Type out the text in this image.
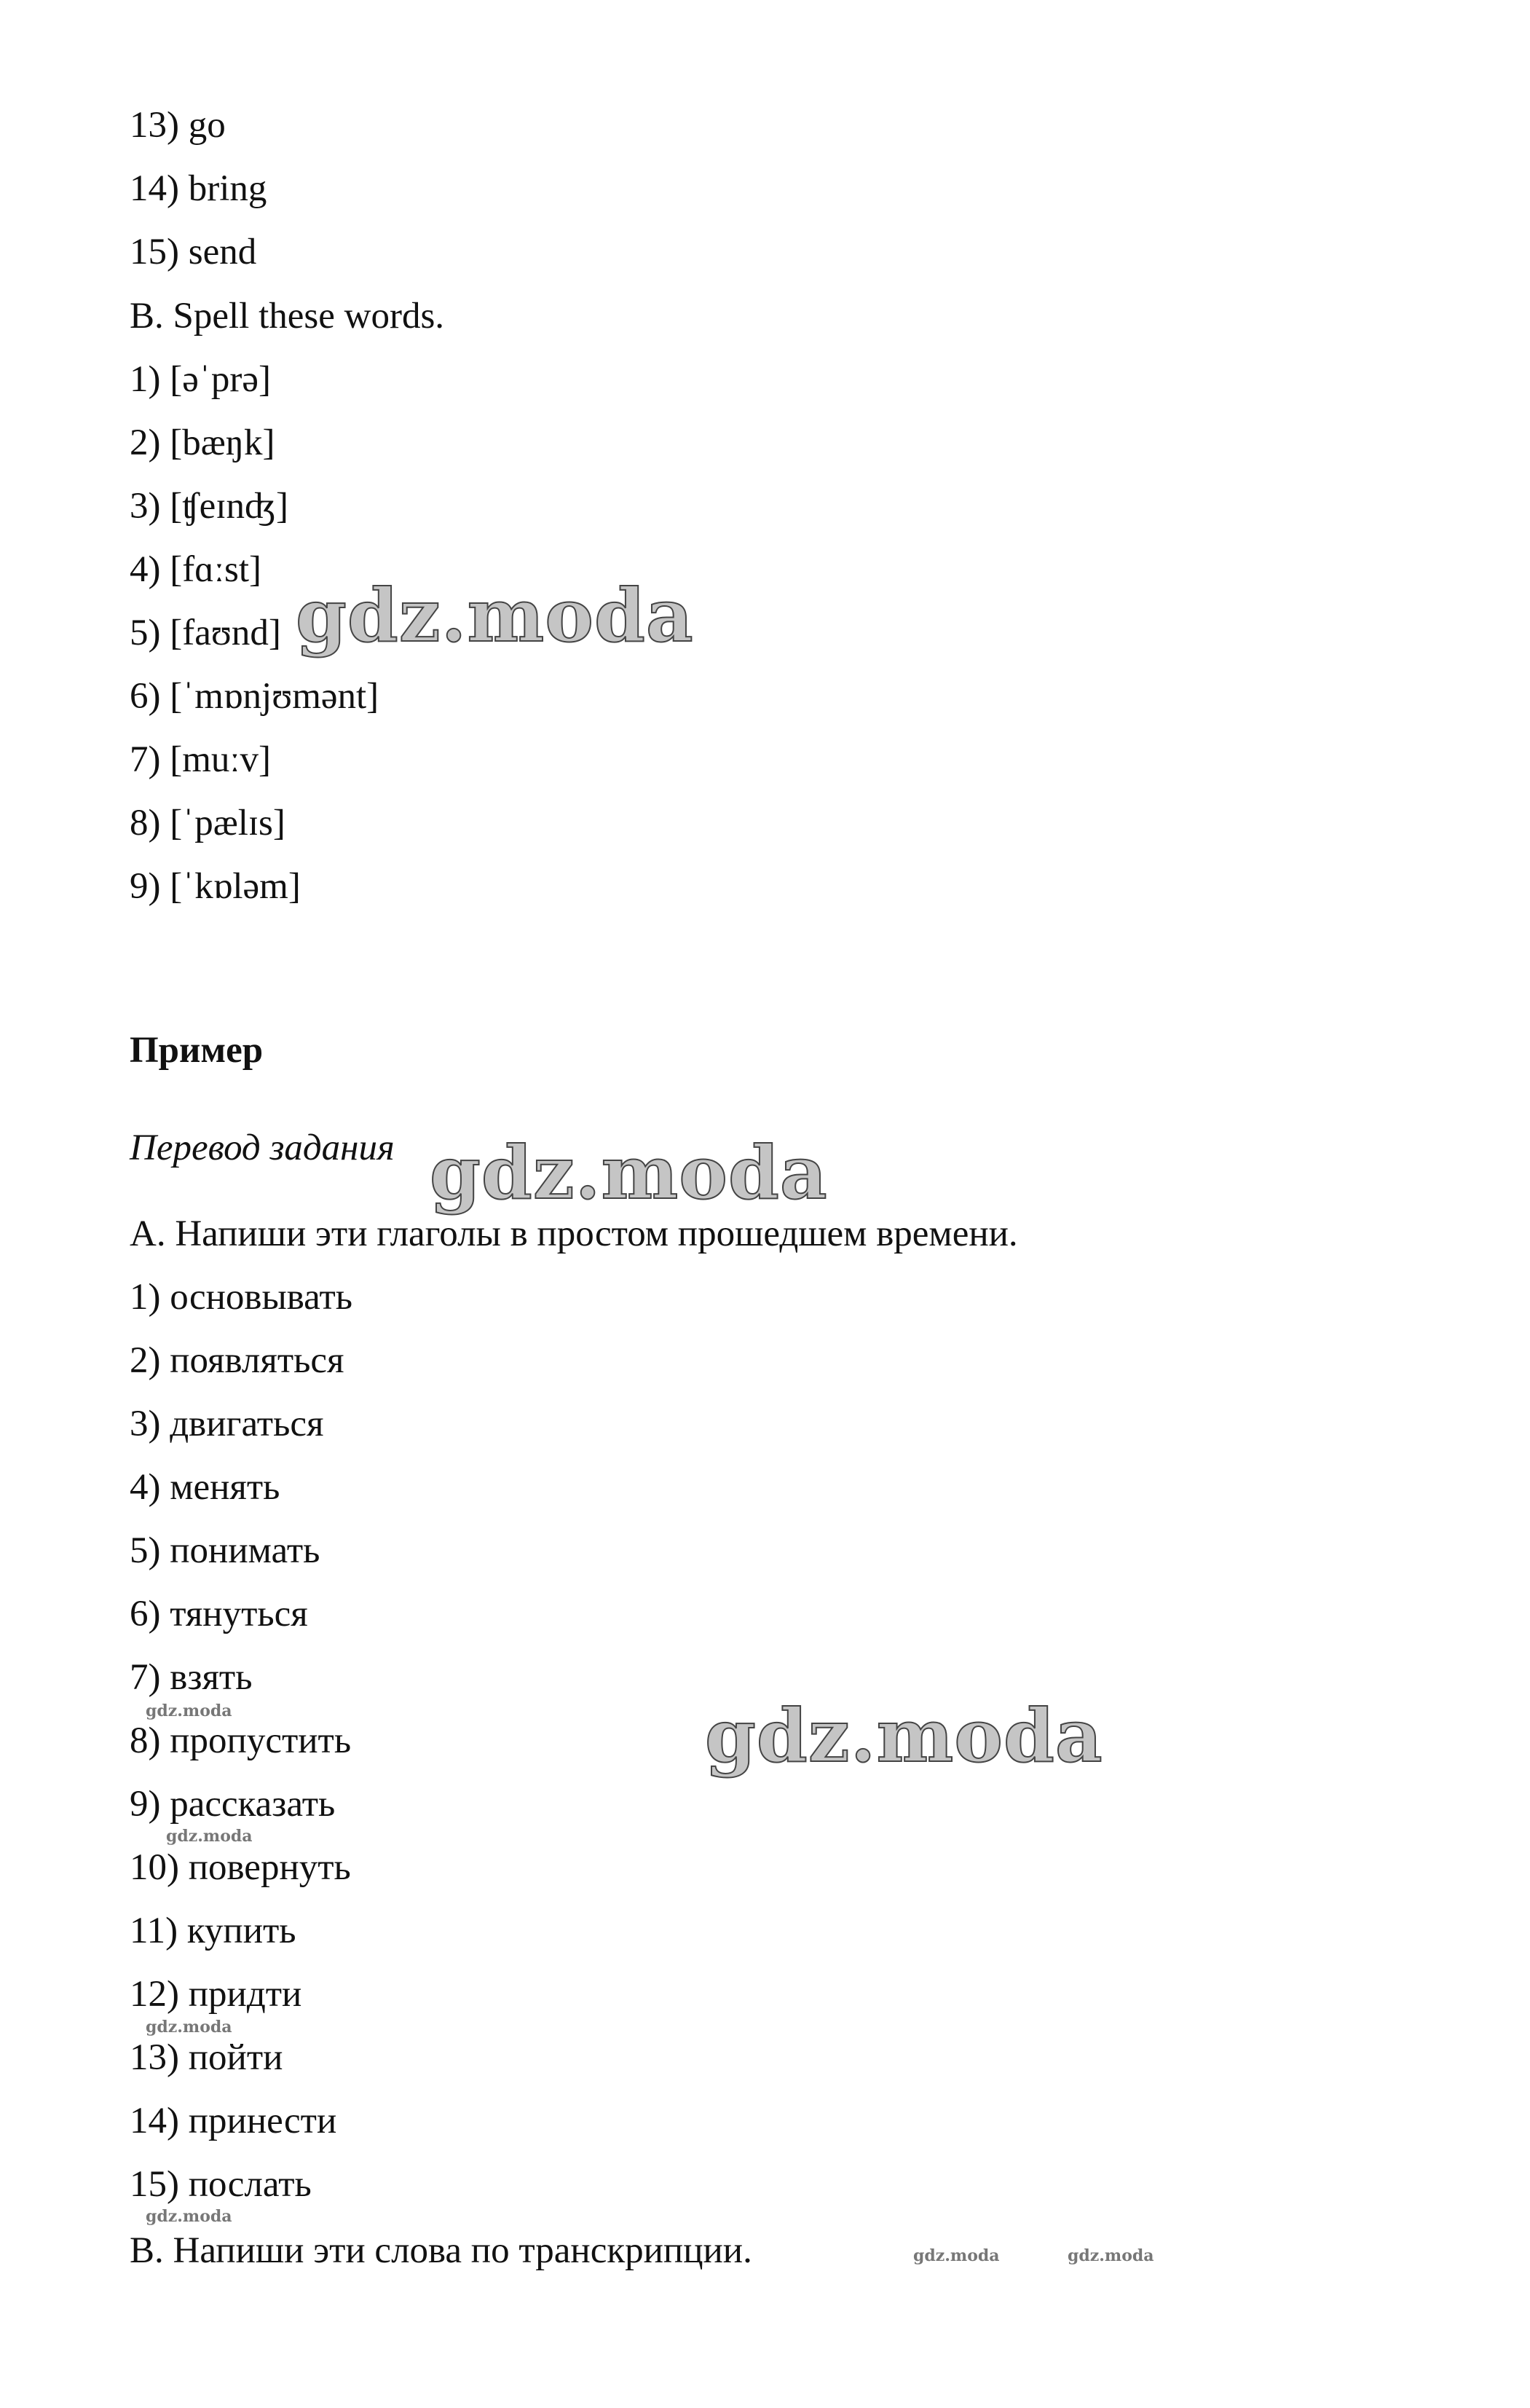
13) go
14) bring
15) send
B. Spell these words.
1) [əˈprə]
2) [bæŋk]
3) [ʧeɪnʤ]
4) [fɑːst]
5) [faʊnd]
6) [ˈmɒnjʊmənt]
7) [muːv]
8) [ˈpælɪs]
9) [ˈkɒləm]
Пример
Перевод задания
A. Напиши эти глаголы в простом прошедшем времени.
1) основывать
2) появляться
3) двигаться
4) менять
5) понимать
6) тянуться
7) взять
8) пропустить
9) рассказать
10) повернуть
11) купить
12) придти
13) пойти
14) принести
15) послать
B. Напиши эти слова по транскрипции.
gdz.moda
gdz.moda
gdz.moda
gdz.moda
gdz.moda
gdz.moda
gdz.moda
gdz.moda	gdz.moda
